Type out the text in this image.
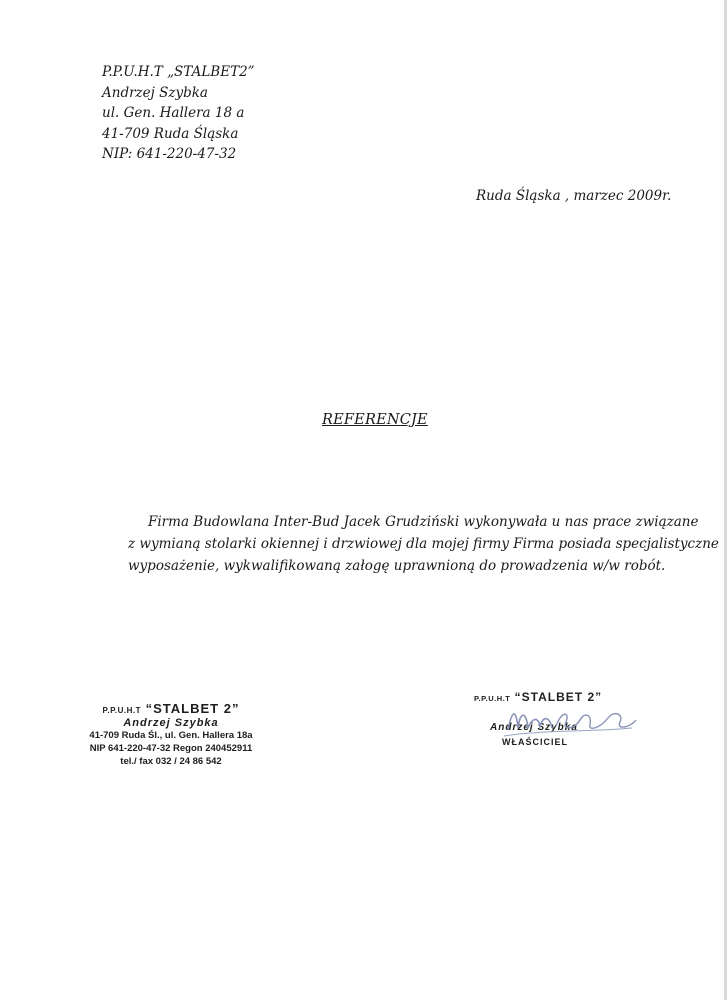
P.P.U.H.T „STALBET2”
Andrzej Szybka
ul. Gen. Hallera 18 a
41-709 Ruda Śląska
NIP: 641-220-47-32
Ruda Śląska , marzec 2009r.
REFERENCJE
Firma Budowlana Inter-Bud Jacek Grudziński wykonywała u nas prace związane
z wymianą stolarki okiennej i drzwiowej dla mojej firmy Firma posiada specjalistyczne
wyposażenie, wykwalifikowaną załogę uprawnioną do prowadzenia w/w robót.
P.P.U.H.T “STALBET 2”
Andrzej Szybka
41-709 Ruda Śl., ul. Gen. Hallera 18a
NIP 641-220-47-32 Regon 240452911
tel./ fax 032 / 24 86 542
P.P.U.H.T “STALBET 2”
Andrzej Szybka
WŁAŚCICIEL
